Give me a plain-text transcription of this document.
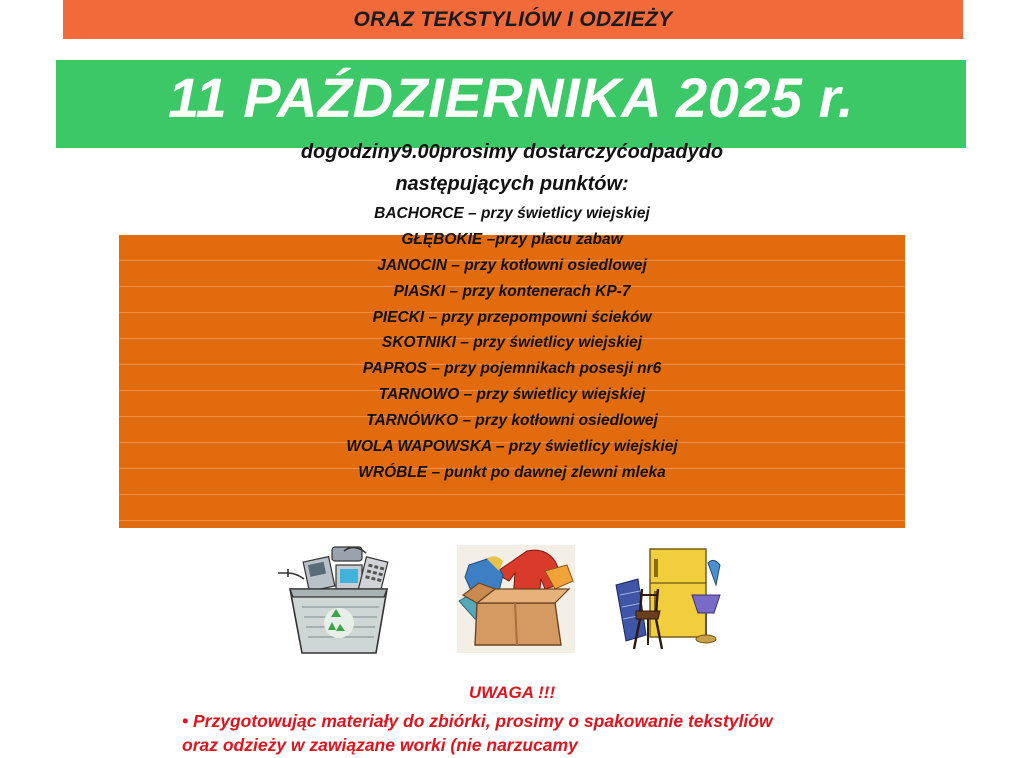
ORAZ TEKSTYLIÓW I ODZIEŻY
11 PAŹDZIERNIKA 2025 r.
dogodziny9.00prosimy dostarczyćodpadydo
następujących punktów:
BACHORCE – przy świetlicy wiejskiej
GŁĘBOKIE –przy placu zabaw
JANOCIN – przy kotłowni osiedlowej
PIASKI – przy kontenerach KP-7
PIECKI – przy przepompowni ścieków
SKOTNIKI – przy świetlicy wiejskiej
PAPROS – przy pojemnikach posesji nr6
TARNOWO – przy świetlicy wiejskiej
TARNÓWKO – przy kotłowni osiedlowej
WOLA WAPOWSKA – przy świetlicy wiejskiej
WRÓBLE – punkt po dawnej zlewni mleka
UWAGA !!!
• Przygotowując materiały do zbiórki, prosimy o spakowanie tekstyliów oraz odzieży w zawiązane worki (nie narzucamy
